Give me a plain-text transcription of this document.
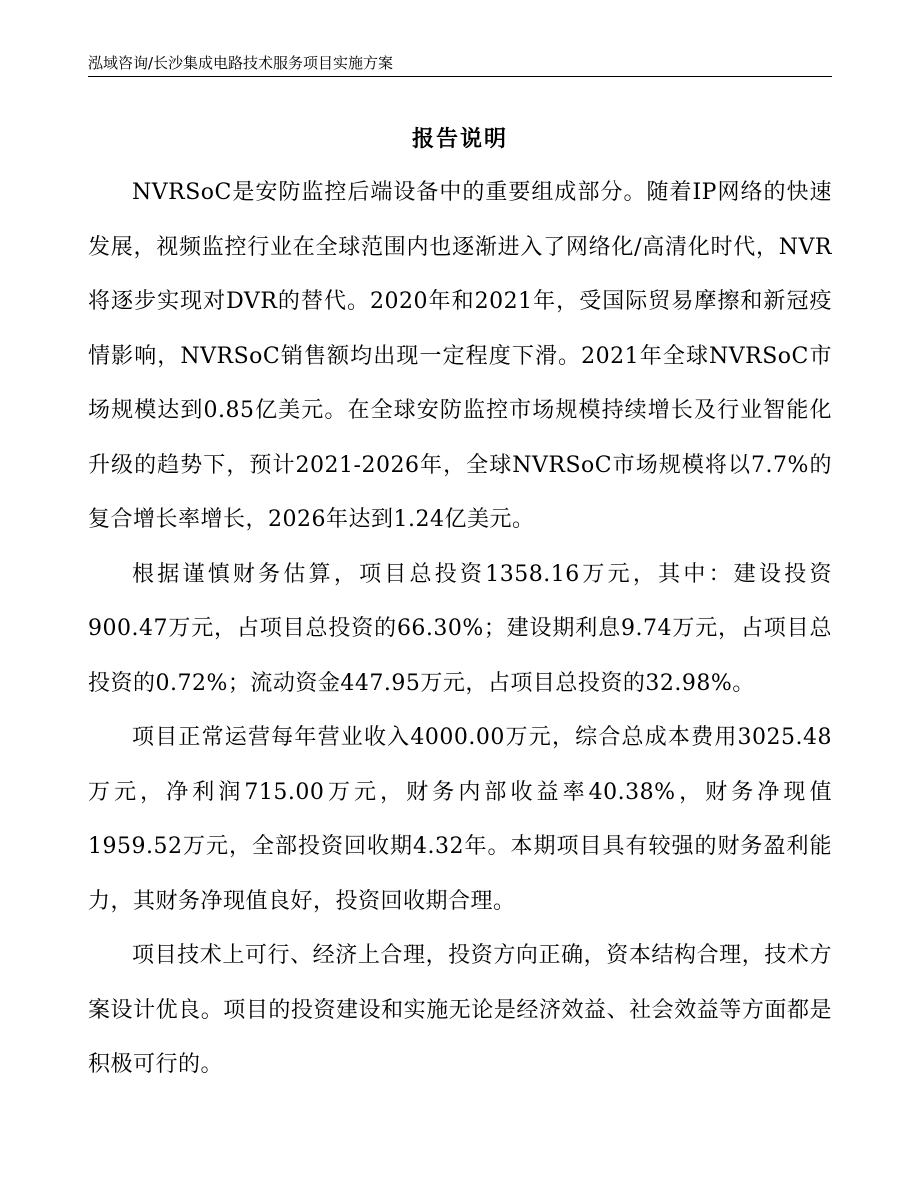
泓域咨询/长沙集成电路技术服务项目实施方案
报告说明

NVRSoC是安防监控后端设备中的重要组成部分。随着IP网络的快速发展，视频监控行业在全球范围内也逐渐进入了网络化/高清化时代，NVR将逐步实现对DVR的替代。2020年和2021年，受国际贸易摩擦和新冠疫情影响，NVRSoC销售额均出现一定程度下滑。2021年全球NVRSoC市场规模达到0.85亿美元。在全球安防监控市场规模持续增长及行业智能化升级的趋势下，预计2021-2026年，全球NVRSoC市场规模将以7.7%的复合增长率增长，2026年达到1.24亿美元。

根据谨慎财务估算，项目总投资1358.16万元，其中：建设投资900.47万元，占项目总投资的66.30%；建设期利息9.74万元，占项目总投资的0.72%；流动资金447.95万元，占项目总投资的32.98%。

项目正常运营每年营业收入4000.00万元，综合总成本费用3025.48万元，净利润715.00万元，财务内部收益率40.38%，财务净现值1959.52万元，全部投资回收期4.32年。本期项目具有较强的财务盈利能力，其财务净现值良好，投资回收期合理。

项目技术上可行、经济上合理，投资方向正确，资本结构合理，技术方案设计优良。项目的投资建设和实施无论是经济效益、社会效益等方面都是积极可行的。
